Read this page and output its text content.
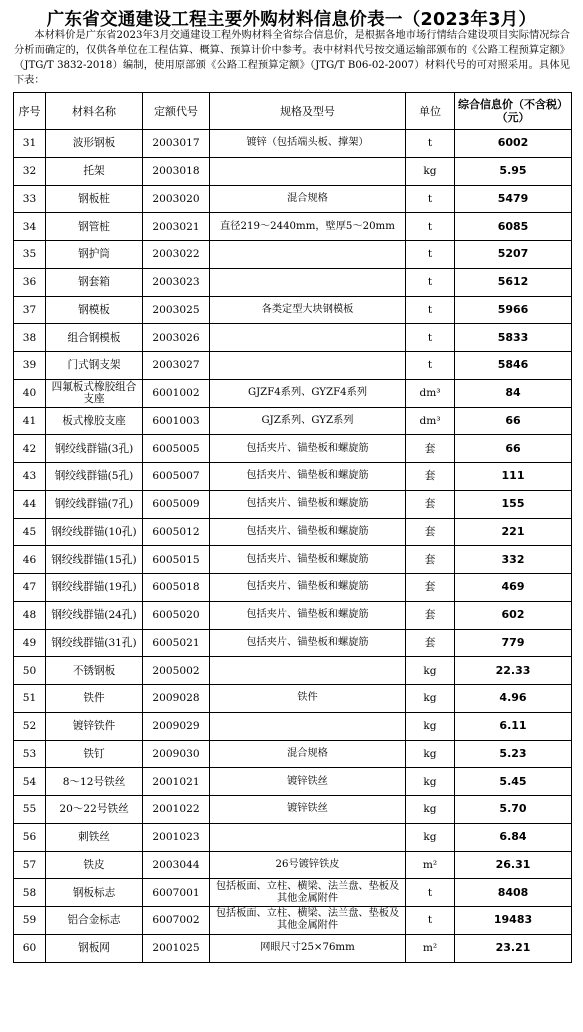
广东省交通建设工程主要外购材料信息价表一（2023年3月）

本材料价是广东省2023年3月交通建设工程外购材料全省综合信息价，是根据各地市场行情结合建设项目实际情况综合分析而确定的，仅供各单位在工程估算、概算、预算计价中参考。表中材料代号按交通运输部颁布的《公路工程预算定额》（JTG/T 3832-2018）编制，使用原部颁《公路工程预算定额》（JTG/T B06-02-2007）材料代号的可对照采用。具体见下表：

序号	材料名称	定额代号	规格及型号	单位	综合信息价（不含税）（元）
31	波形钢板	2003017	镀锌（包括端头板、撑架）	t	6002
32	托架	2003018		kg	5.95
33	钢板桩	2003020	混合规格	t	5479
34	钢管桩	2003021	直径219～2440mm，壁厚5～20mm	t	6085
35	钢护筒	2003022		t	5207
36	钢套箱	2003023		t	5612
37	钢模板	2003025	各类定型大块钢模板	t	5966
38	组合钢模板	2003026		t	5833
39	门式钢支架	2003027		t	5846
40	四氟板式橡胶组合支座	6001002	GJZF4系列、GYZF4系列	dm³	84
41	板式橡胶支座	6001003	GJZ系列、GYZ系列	dm³	66
42	钢绞线群锚(3孔)	6005005	包括夹片、锚垫板和螺旋筋	套	66
43	钢绞线群锚(5孔)	6005007	包括夹片、锚垫板和螺旋筋	套	111
44	钢绞线群锚(7孔)	6005009	包括夹片、锚垫板和螺旋筋	套	155
45	钢绞线群锚(10孔)	6005012	包括夹片、锚垫板和螺旋筋	套	221
46	钢绞线群锚(15孔)	6005015	包括夹片、锚垫板和螺旋筋	套	332
47	钢绞线群锚(19孔)	6005018	包括夹片、锚垫板和螺旋筋	套	469
48	钢绞线群锚(24孔)	6005020	包括夹片、锚垫板和螺旋筋	套	602
49	钢绞线群锚(31孔)	6005021	包括夹片、锚垫板和螺旋筋	套	779
50	不锈钢板	2005002		kg	22.33
51	铁件	2009028	铁件	kg	4.96
52	镀锌铁件	2009029		kg	6.11
53	铁钉	2009030	混合规格	kg	5.23
54	8～12号铁丝	2001021	镀锌铁丝	kg	5.45
55	20～22号铁丝	2001022	镀锌铁丝	kg	5.70
56	刺铁丝	2001023		kg	6.84
57	铁皮	2003044	26号镀锌铁皮	m²	26.31
58	钢板标志	6007001	包括板面、立柱、横梁、法兰盘、垫板及其他金属附件	t	8408
59	铝合金标志	6007002	包括板面、立柱、横梁、法兰盘、垫板及其他金属附件	t	19483
60	钢板网	2001025	网眼尺寸25×76mm	m²	23.21
